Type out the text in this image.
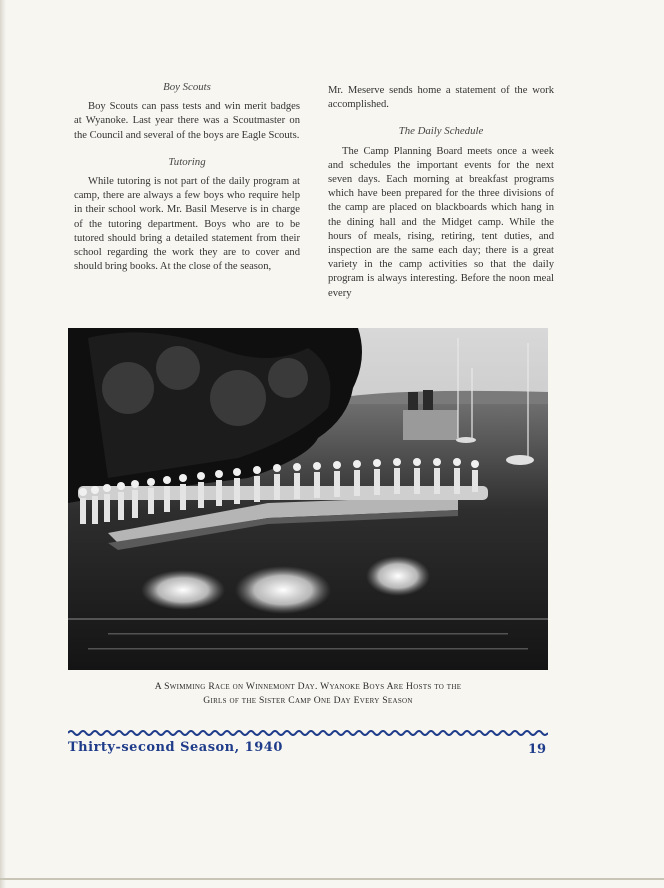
Boy Scouts

Boy Scouts can pass tests and win merit badges at Wyanoke. Last year there was a Scoutmaster on the Council and several of the boys are Eagle Scouts.

Tutoring

While tutoring is not part of the daily program at camp, there are always a few boys who require help in their school work. Mr. Basil Meserve is in charge of the tutoring department. Boys who are to be tutored should bring a detailed statement from their school regarding the work they are to cover and should bring books. At the close of the season,

Mr. Meserve sends home a statement of the work accomplished.

The Daily Schedule

The Camp Planning Board meets once a week and schedules the important events for the next seven days. Each morning at breakfast programs which have been prepared for the three divisions of the camp are placed on blackboards which hang in the dining hall and the Midget camp. While the hours of meals, rising, retiring, tent duties, and inspection are the same each day; there is a great variety in the camp activities so that the daily program is always interesting. Before the noon meal every

A Swimming Race on Winnemont Day. Wyanoke Boys Are Hosts to the
Girls of the Sister Camp One Day Every Season
Thirty-second Season, 1940	19
